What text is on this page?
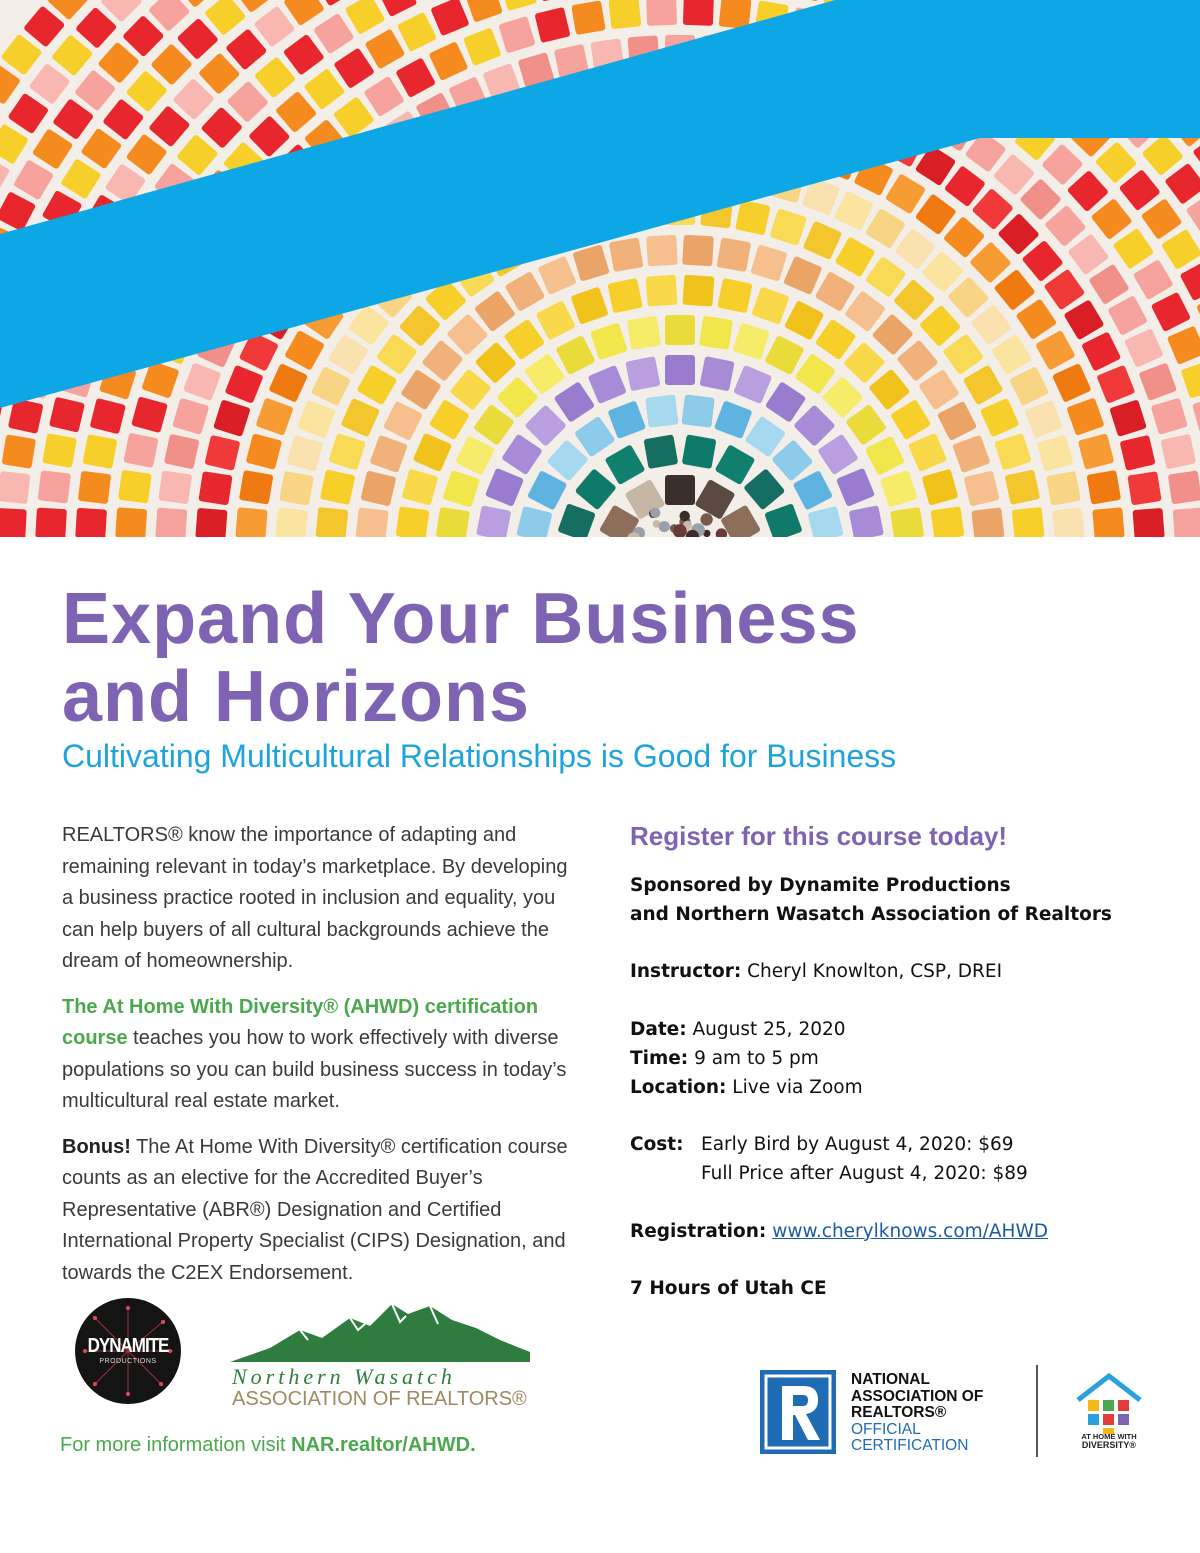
Expand Your Business
and Horizons
Cultivating Multicultural Relationships is Good for Business

REALTORS® know the importance of adapting and remaining relevant in today’s marketplace. By developing a business practice rooted in inclusion and equality, you can help buyers of all cultural backgrounds achieve the dream of homeownership.

The At Home With Diversity® (AHWD) certification course teaches you how to work effectively with diverse populations so you can build business success in today’s multicultural real estate market.

Bonus! The At Home With Diversity® certification course counts as an elective for the Accredited Buyer’s Representative (ABR®) Designation and Certified International Property Specialist (CIPS) Designation, and towards the C2EX Endorsement.

Register for this course today!
Sponsored by Dynamite Productions
and Northern Wasatch Association of Realtors
Instructor: Cheryl Knowlton, CSP, DREI
Date: August 25, 2020
Time: 9 am to 5 pm
Location: Live via Zoom
Cost: Early Bird by August 4, 2020: $69
Full Price after August 4, 2020: $89
Registration: www.cherylknows.com/AHWD
7 Hours of Utah CE
DYNAMITE
PRODUCTIONS
Northern Wasatch
ASSOCIATION OF REALTORS®
For more information visit NAR.realtor/AHWD.
NATIONAL
ASSOCIATION OF
REALTORS®
OFFICIAL
CERTIFICATION
AT HOME WITH
DIVERSITY®
